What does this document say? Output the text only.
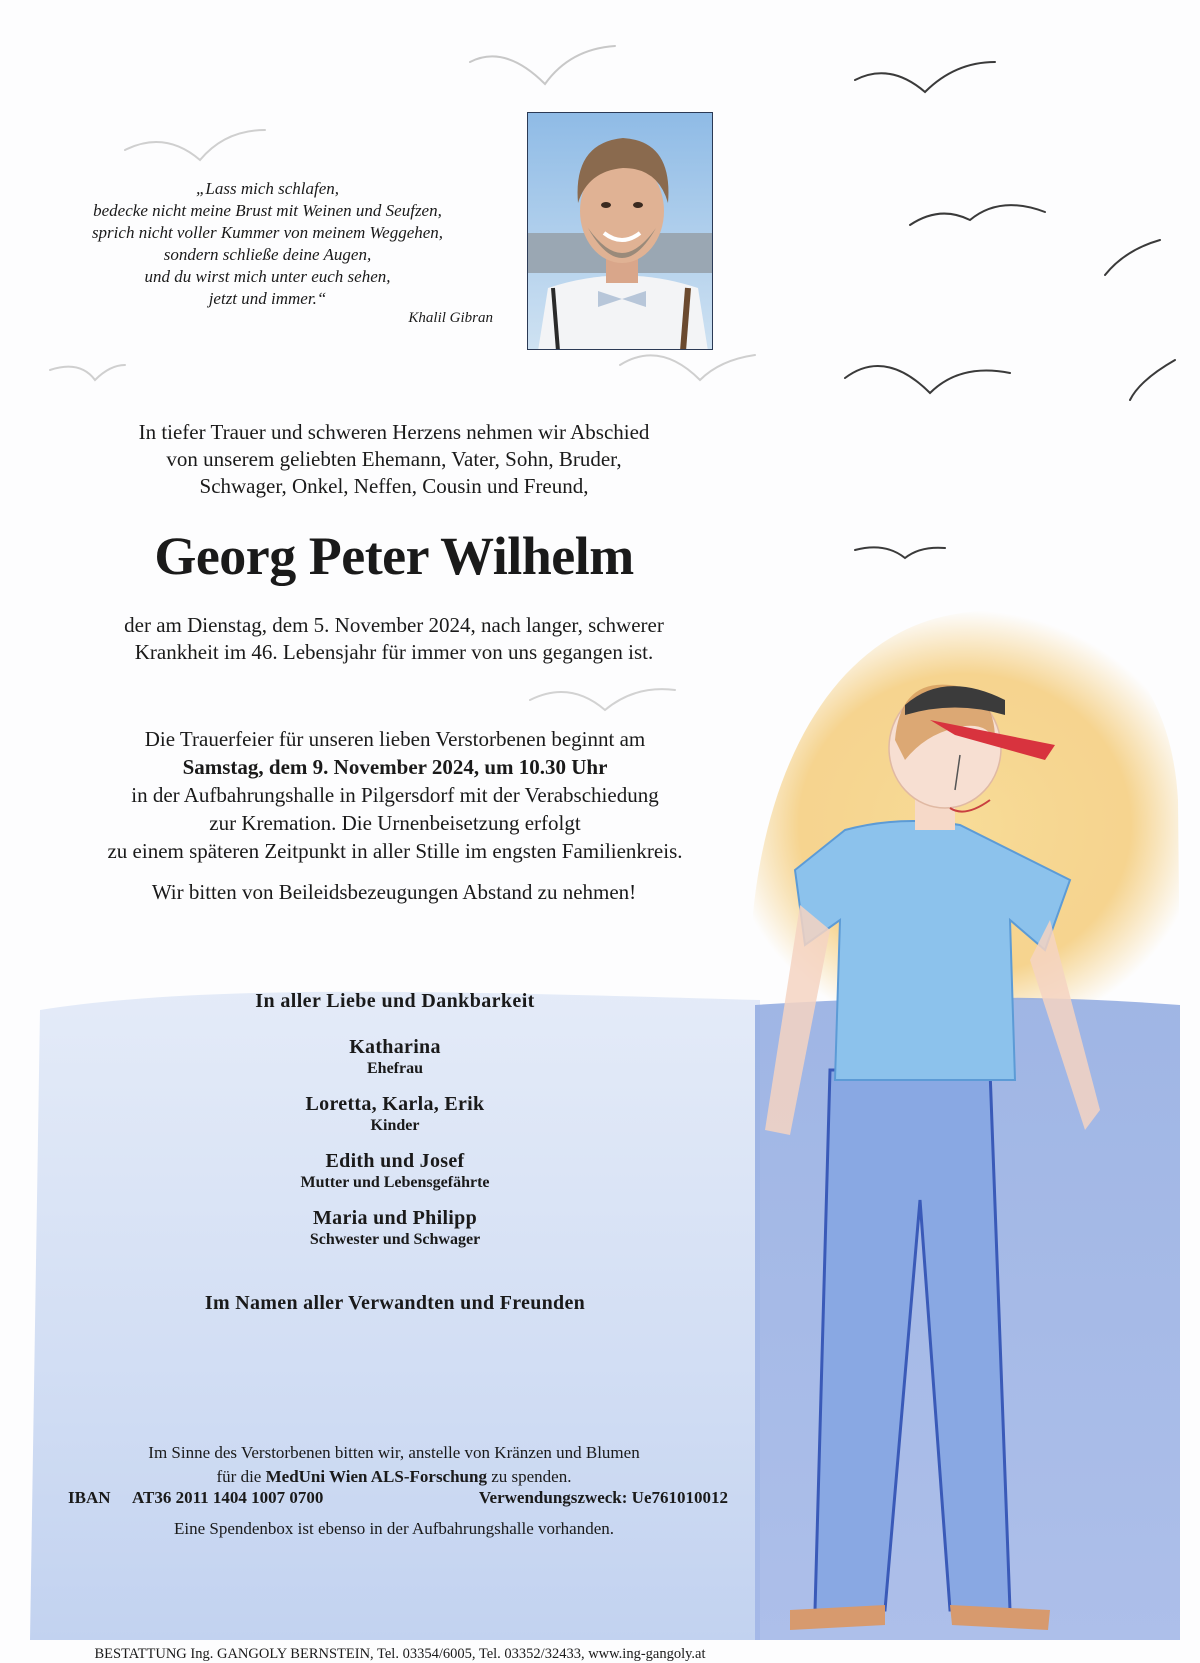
„Lass mich schlafen,
bedecke nicht meine Brust mit Weinen und Seufzen,
sprich nicht voller Kummer von meinem Weggehen,
sondern schließe deine Augen,
und du wirst mich unter euch sehen,
jetzt und immer.“
Khalil Gibran
In tiefer Trauer und schweren Herzens nehmen wir Abschied
von unserem geliebten Ehemann, Vater, Sohn, Bruder,
Schwager, Onkel, Neffen, Cousin und Freund,
Georg Peter Wilhelm
der am Dienstag, dem 5. November 2024, nach langer, schwerer
Krankheit im 46. Lebensjahr für immer von uns gegangen ist.
Die Trauerfeier für unseren lieben Verstorbenen beginnt am
Samstag, dem 9. November 2024, um 10.30 Uhr
in der Aufbahrungshalle in Pilgersdorf mit der Verabschiedung
zur Kremation. Die Urnenbeisetzung erfolgt
zu einem späteren Zeitpunkt in aller Stille im engsten Familienkreis.
Wir bitten von Beileidsbezeugungen Abstand zu nehmen!
In aller Liebe und Dankbarkeit
Katharina
Ehefrau
Loretta, Karla, Erik
Kinder
Edith und Josef
Mutter und Lebensgefährte
Maria und Philipp
Schwester und Schwager
Im Namen aller Verwandten und Freunden
Im Sinne des Verstorbenen bitten wir, anstelle von Kränzen und Blumen
für die MedUni Wien ALS-Forschung zu spenden.
IBAN AT36 2011 1404 1007 0700	Verwendungszweck: Ue761010012
Eine Spendenbox ist ebenso in der Aufbahrungshalle vorhanden.
BESTATTUNG Ing. GANGOLY BERNSTEIN, Tel. 03354/6005, Tel. 03352/32433, www.ing-gangoly.at
